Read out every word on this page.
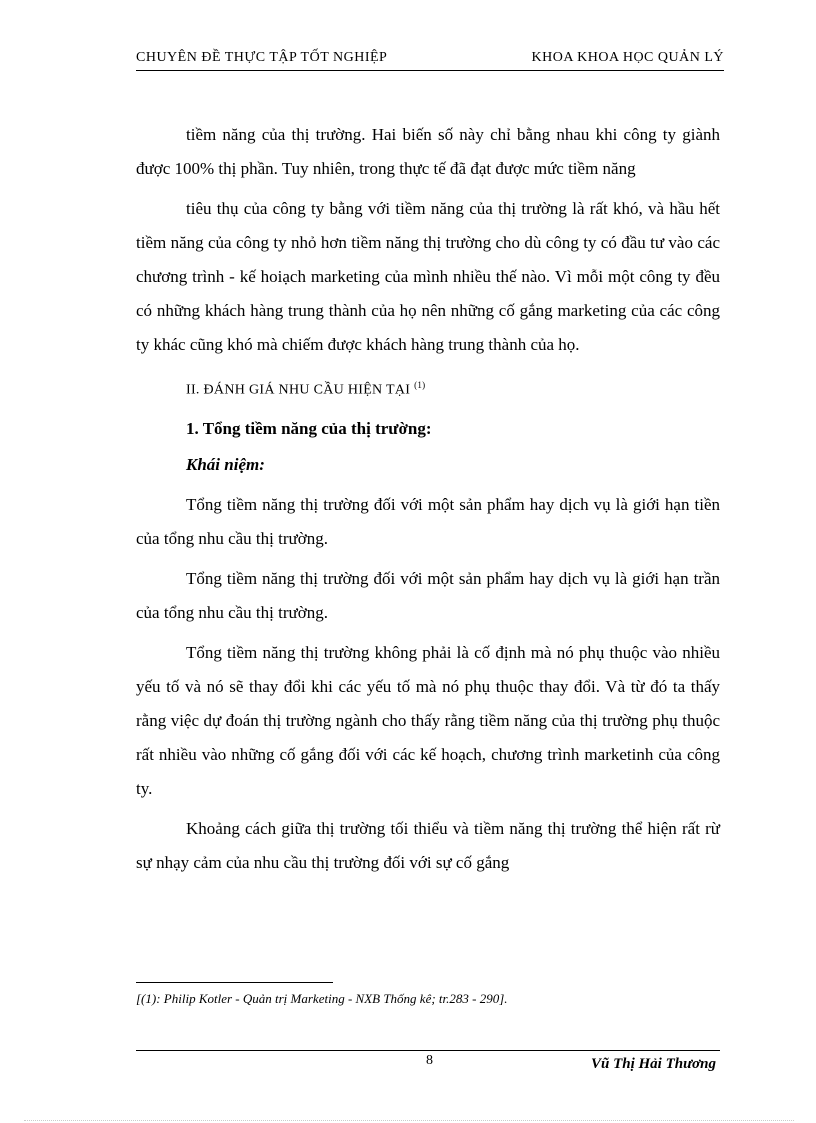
CHUYÊN ĐỀ THỰC TẬP TỐT NGHIỆP	KHOA KHOA HỌC QUẢN LÝ

tiềm năng của thị trường. Hai biến số này chỉ bằng nhau khi công ty giành được 100% thị phần. Tuy nhiên, trong thực tế đã đạt được mức tiềm năng

tiêu thụ của công ty bằng với tiềm năng của thị trường là rất khó, và hầu hết tiềm năng của công ty nhỏ hơn tiềm năng thị trường cho dù công ty có đầu tư vào các chương trình - kế hoiạch marketing của mình nhiều thế nào. Vì mỗi một công ty đều có những khách hàng trung thành của họ nên những cố gắng marketing của các công ty khác cũng khó mà chiếm được khách hàng trung thành của họ.

II. ĐÁNH GIÁ NHU CẦU HIỆN TẠI $^{(1)}$
1. Tổng tiềm năng của thị trường:
Khái niệm:

Tổng tiềm năng thị trường đối với một sản phẩm hay dịch vụ là giới hạn tiền của tổng nhu cầu thị trường.

Tổng tiềm năng thị trường đối với một sản phẩm hay dịch vụ là giới hạn trần của tổng nhu cầu thị trường.

Tổng tiềm năng thị trường không phải là cố định mà nó phụ thuộc vào nhiều yếu tố và nó sẽ thay đổi khi các yếu tố mà nó phụ thuộc thay đổi. Và từ đó ta thấy rằng việc dự đoán thị trường ngành cho thấy rằng tiềm năng của thị trường phụ thuộc rất nhiều vào những cố gắng đối với các kế hoạch, chương trình marketinh của công ty.

Khoảng cách giữa thị trường tối thiểu và tiềm năng thị trường thể hiện rất rừ sự nhạy cảm của nhu cầu thị trường đối với sự cố gắng

[(1): Philip Kotler - Quản trị Marketing - NXB Thống kê; tr.283 - 290].
8	Vũ Thị Hải Thương
